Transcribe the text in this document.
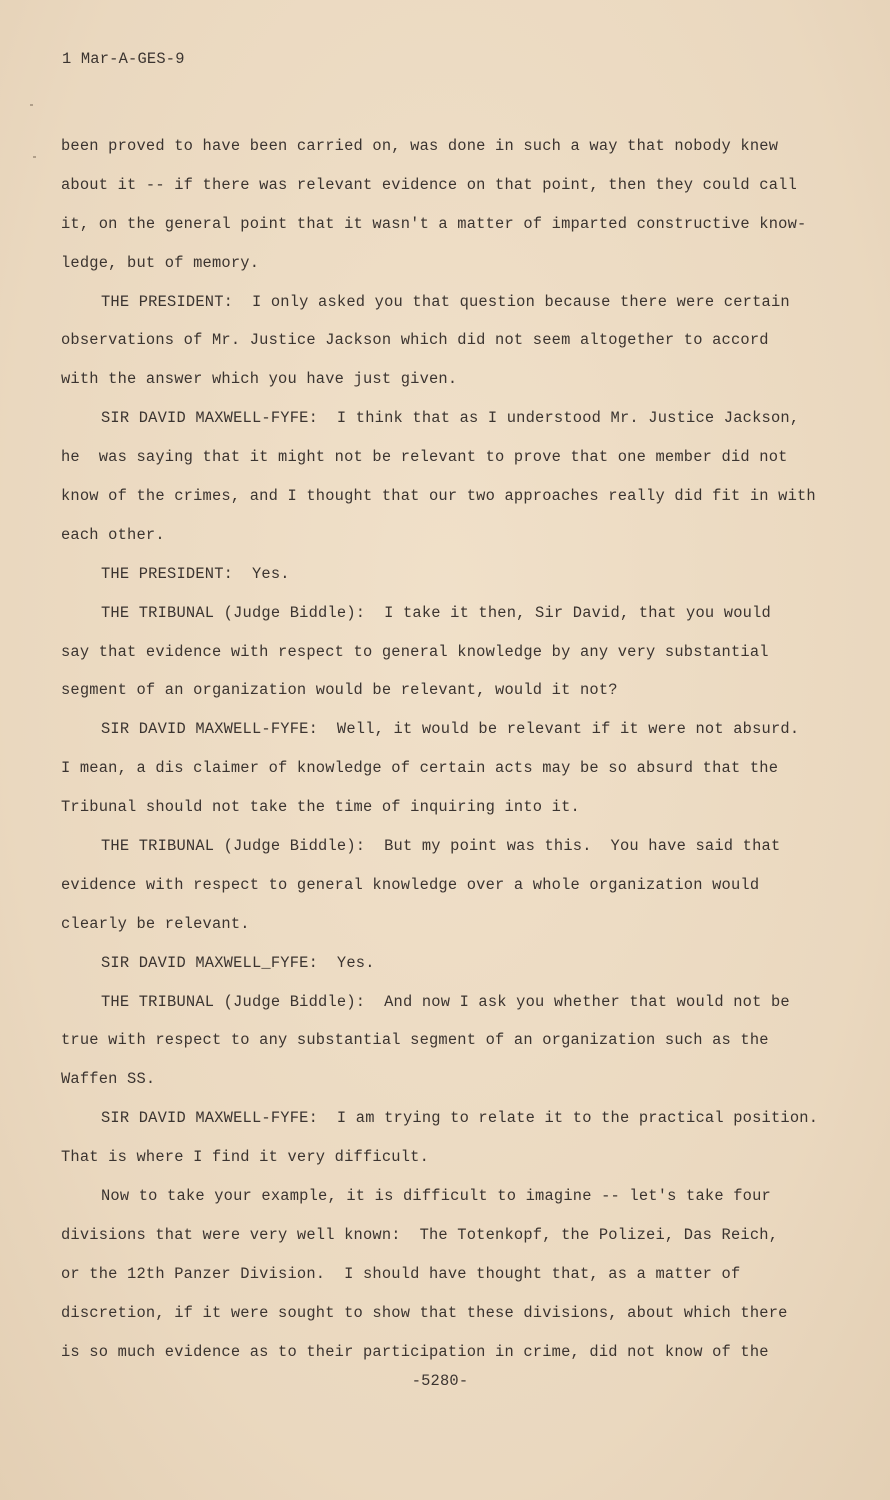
1 Mar-A-GES-9

been proved to have been carried on, was done in such a way that nobody knew
about it -- if there was relevant evidence on that point, then they could call
it, on the general point that it wasn't a matter of imparted constructive know-
ledge, but of memory.
THE PRESIDENT:  I only asked you that question because there were certain
observations of Mr. Justice Jackson which did not seem altogether to accord
with the answer which you have just given.
SIR DAVID MAXWELL-FYFE:  I think that as I understood Mr. Justice Jackson,
he  was saying that it might not be relevant to prove that one member did not
know of the crimes, and I thought that our two approaches really did fit in with
each other.
THE PRESIDENT:  Yes.
THE TRIBUNAL (Judge Biddle):  I take it then, Sir David, that you would
say that evidence with respect to general knowledge by any very substantial
segment of an organization would be relevant, would it not?
SIR DAVID MAXWELL-FYFE:  Well, it would be relevant if it were not absurd.
I mean, a dis claimer of knowledge of certain acts may be so absurd that the
Tribunal should not take the time of inquiring into it.
THE TRIBUNAL (Judge Biddle):  But my point was this.  You have said that
evidence with respect to general knowledge over a whole organization would
clearly be relevant.
SIR DAVID MAXWELL_FYFE:  Yes.
THE TRIBUNAL (Judge Biddle):  And now I ask you whether that would not be
true with respect to any substantial segment of an organization such as the
Waffen SS.
SIR DAVID MAXWELL-FYFE:  I am trying to relate it to the practical position.
That is where I find it very difficult.
Now to take your example, it is difficult to imagine -- let's take four
divisions that were very well known:  The Totenkopf, the Polizei, Das Reich,
or the 12th Panzer Division.  I should have thought that, as a matter of
discretion, if it were sought to show that these divisions, about which there
is so much evidence as to their participation in crime, did not know of the

-5280-
